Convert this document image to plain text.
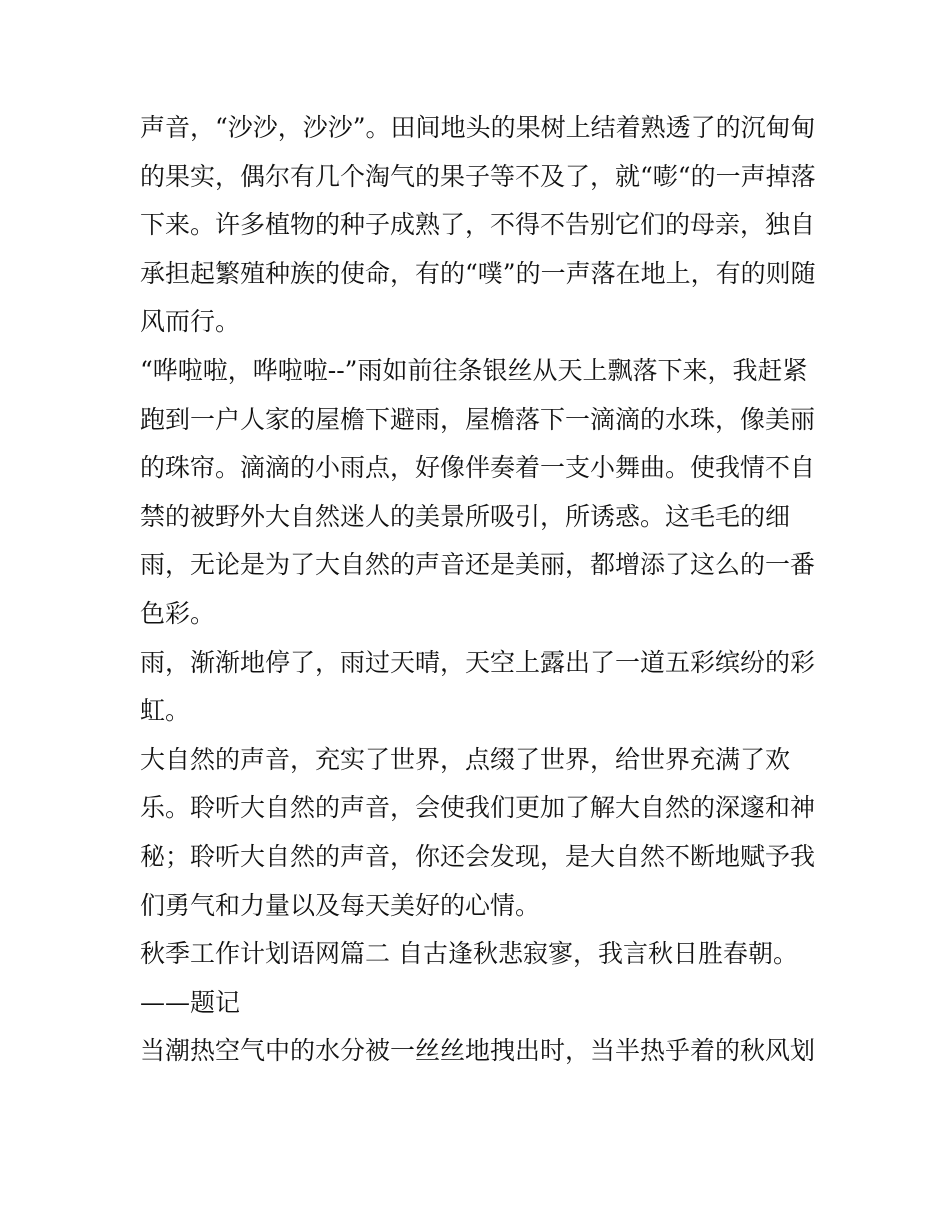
声音，“沙沙，沙沙”。田间地头的果树上结着熟透了的沉甸甸
的果实，偶尔有几个淘气的果子等不及了，就“嘭“的一声掉落
下来。许多植物的种子成熟了，不得不告别它们的母亲，独自
承担起繁殖种族的使命，有的“噗”的一声落在地上，有的则随
风而行。
“哗啦啦，哗啦啦--”雨如前往条银丝从天上飘落下来，我赶紧
跑到一户人家的屋檐下避雨，屋檐落下一滴滴的水珠，像美丽
的珠帘。滴滴的小雨点，好像伴奏着一支小舞曲。使我情不自
禁的被野外大自然迷人的美景所吸引，所诱惑。这毛毛的细
雨，无论是为了大自然的声音还是美丽，都增添了这么的一番
色彩。
雨，渐渐地停了，雨过天晴，天空上露出了一道五彩缤纷的彩
虹。
大自然的声音，充实了世界，点缀了世界，给世界充满了欢
乐。聆听大自然的声音，会使我们更加了解大自然的深邃和神
秘；聆听大自然的声音，你还会发现，是大自然不断地赋予我
们勇气和力量以及每天美好的心情。
秋季工作计划语网篇二 自古逢秋悲寂寥，我言秋日胜春朝。
——题记
当潮热空气中的水分被一丝丝地拽出时，当半热乎着的秋风划
